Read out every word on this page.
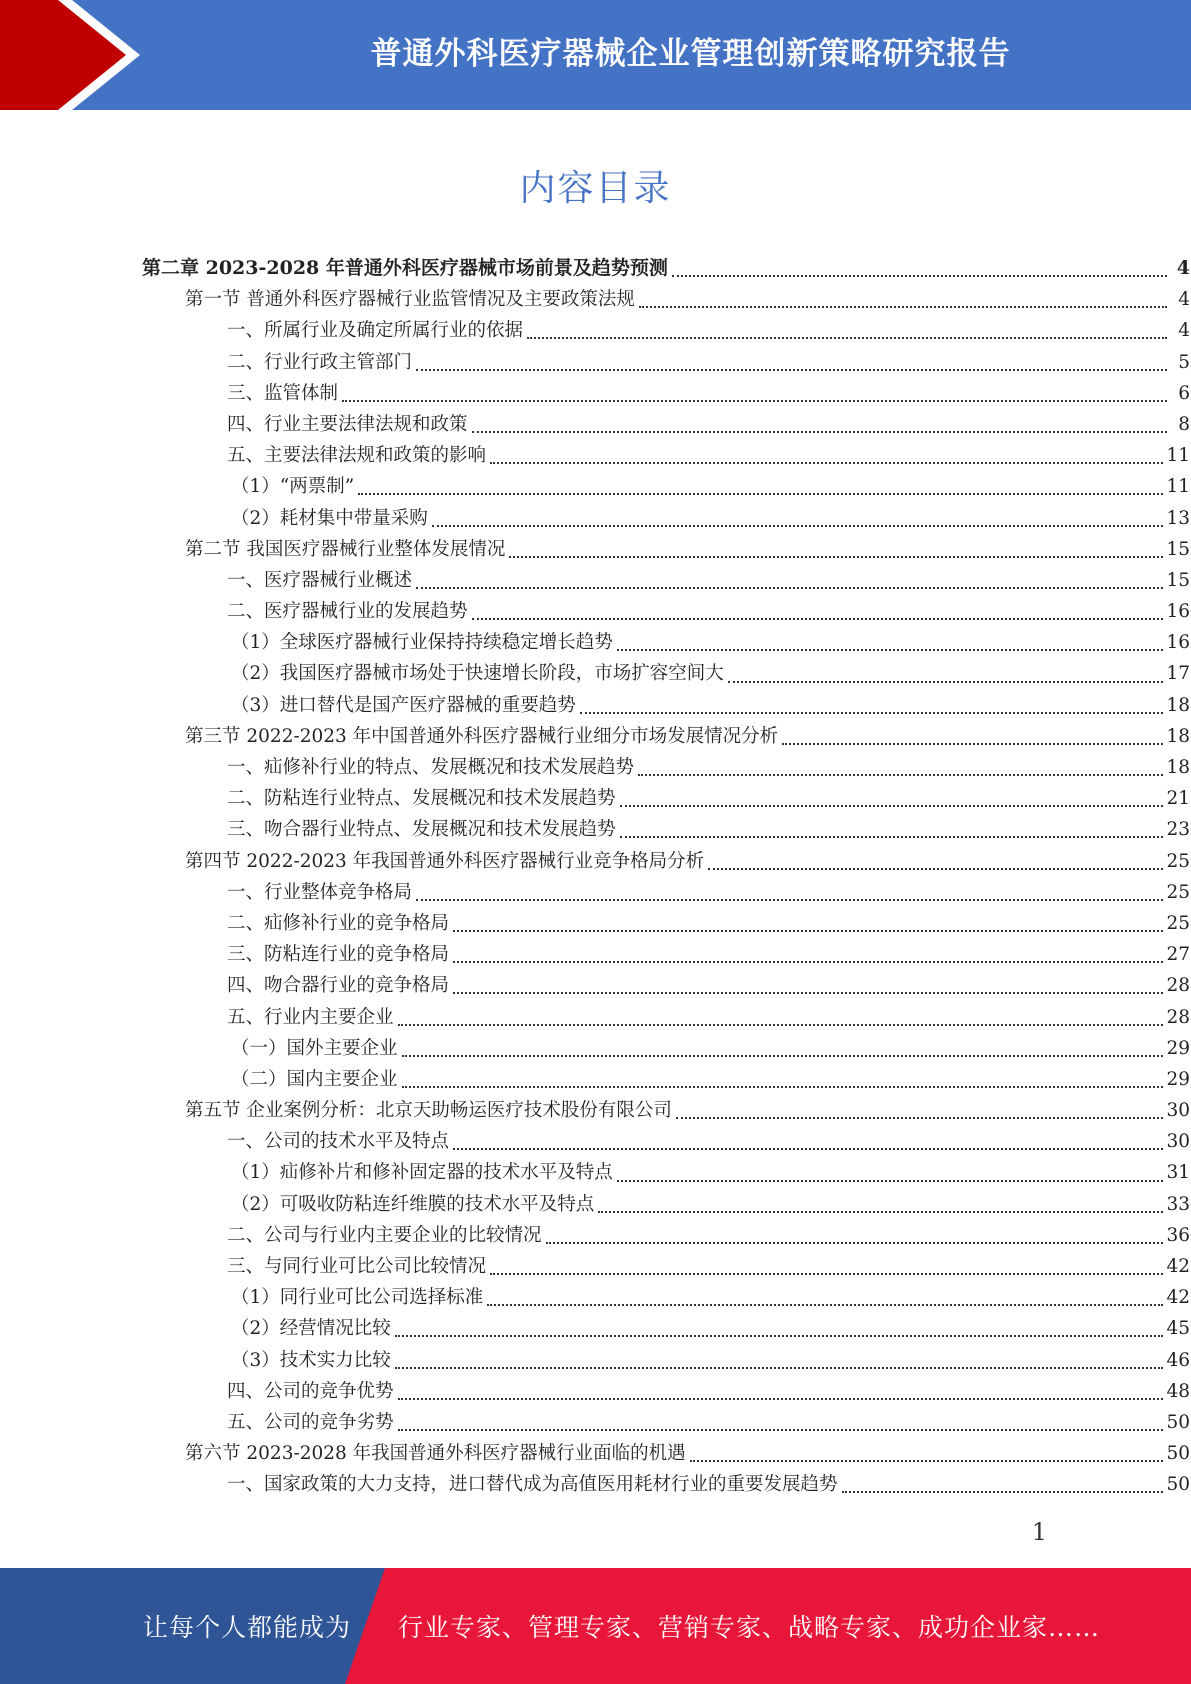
普通外科医疗器械企业管理创新策略研究报告
内容目录
第二章 2023-2028 年普通外科医疗器械市场前景及趋势预测	4
第一节 普通外科医疗器械行业监管情况及主要政策法规	4
一、所属行业及确定所属行业的依据	4
二、行业行政主管部门	5
三、监管体制	6
四、行业主要法律法规和政策	8
五、主要法律法规和政策的影响	11
（1）“两票制”	11
（2）耗材集中带量采购	13
第二节 我国医疗器械行业整体发展情况	15
一、医疗器械行业概述	15
二、医疗器械行业的发展趋势	16
（1）全球医疗器械行业保持持续稳定增长趋势	16
（2）我国医疗器械市场处于快速增长阶段，市场扩容空间大	17
（3）进口替代是国产医疗器械的重要趋势	18
第三节 2022-2023 年中国普通外科医疗器械行业细分市场发展情况分析	18
一、疝修补行业的特点、发展概况和技术发展趋势	18
二、防粘连行业特点、发展概况和技术发展趋势	21
三、吻合器行业特点、发展概况和技术发展趋势	23
第四节 2022-2023 年我国普通外科医疗器械行业竞争格局分析	25
一、行业整体竞争格局	25
二、疝修补行业的竞争格局	25
三、防粘连行业的竞争格局	27
四、吻合器行业的竞争格局	28
五、行业内主要企业	28
（一）国外主要企业	29
（二）国内主要企业	29
第五节 企业案例分析：北京天助畅运医疗技术股份有限公司	30
一、公司的技术水平及特点	30
（1）疝修补片和修补固定器的技术水平及特点	31
（2）可吸收防粘连纤维膜的技术水平及特点	33
二、公司与行业内主要企业的比较情况	36
三、与同行业可比公司比较情况	42
（1）同行业可比公司选择标准	42
（2）经营情况比较	45
（3）技术实力比较	46
四、公司的竞争优势	48
五、公司的竞争劣势	50
第六节 2023-2028 年我国普通外科医疗器械行业面临的机遇	50
一、国家政策的大力支持，进口替代成为高值医用耗材行业的重要发展趋势	50
1
让每个人都能成为 行业专家、管理专家、营销专家、战略专家、成功企业家……
